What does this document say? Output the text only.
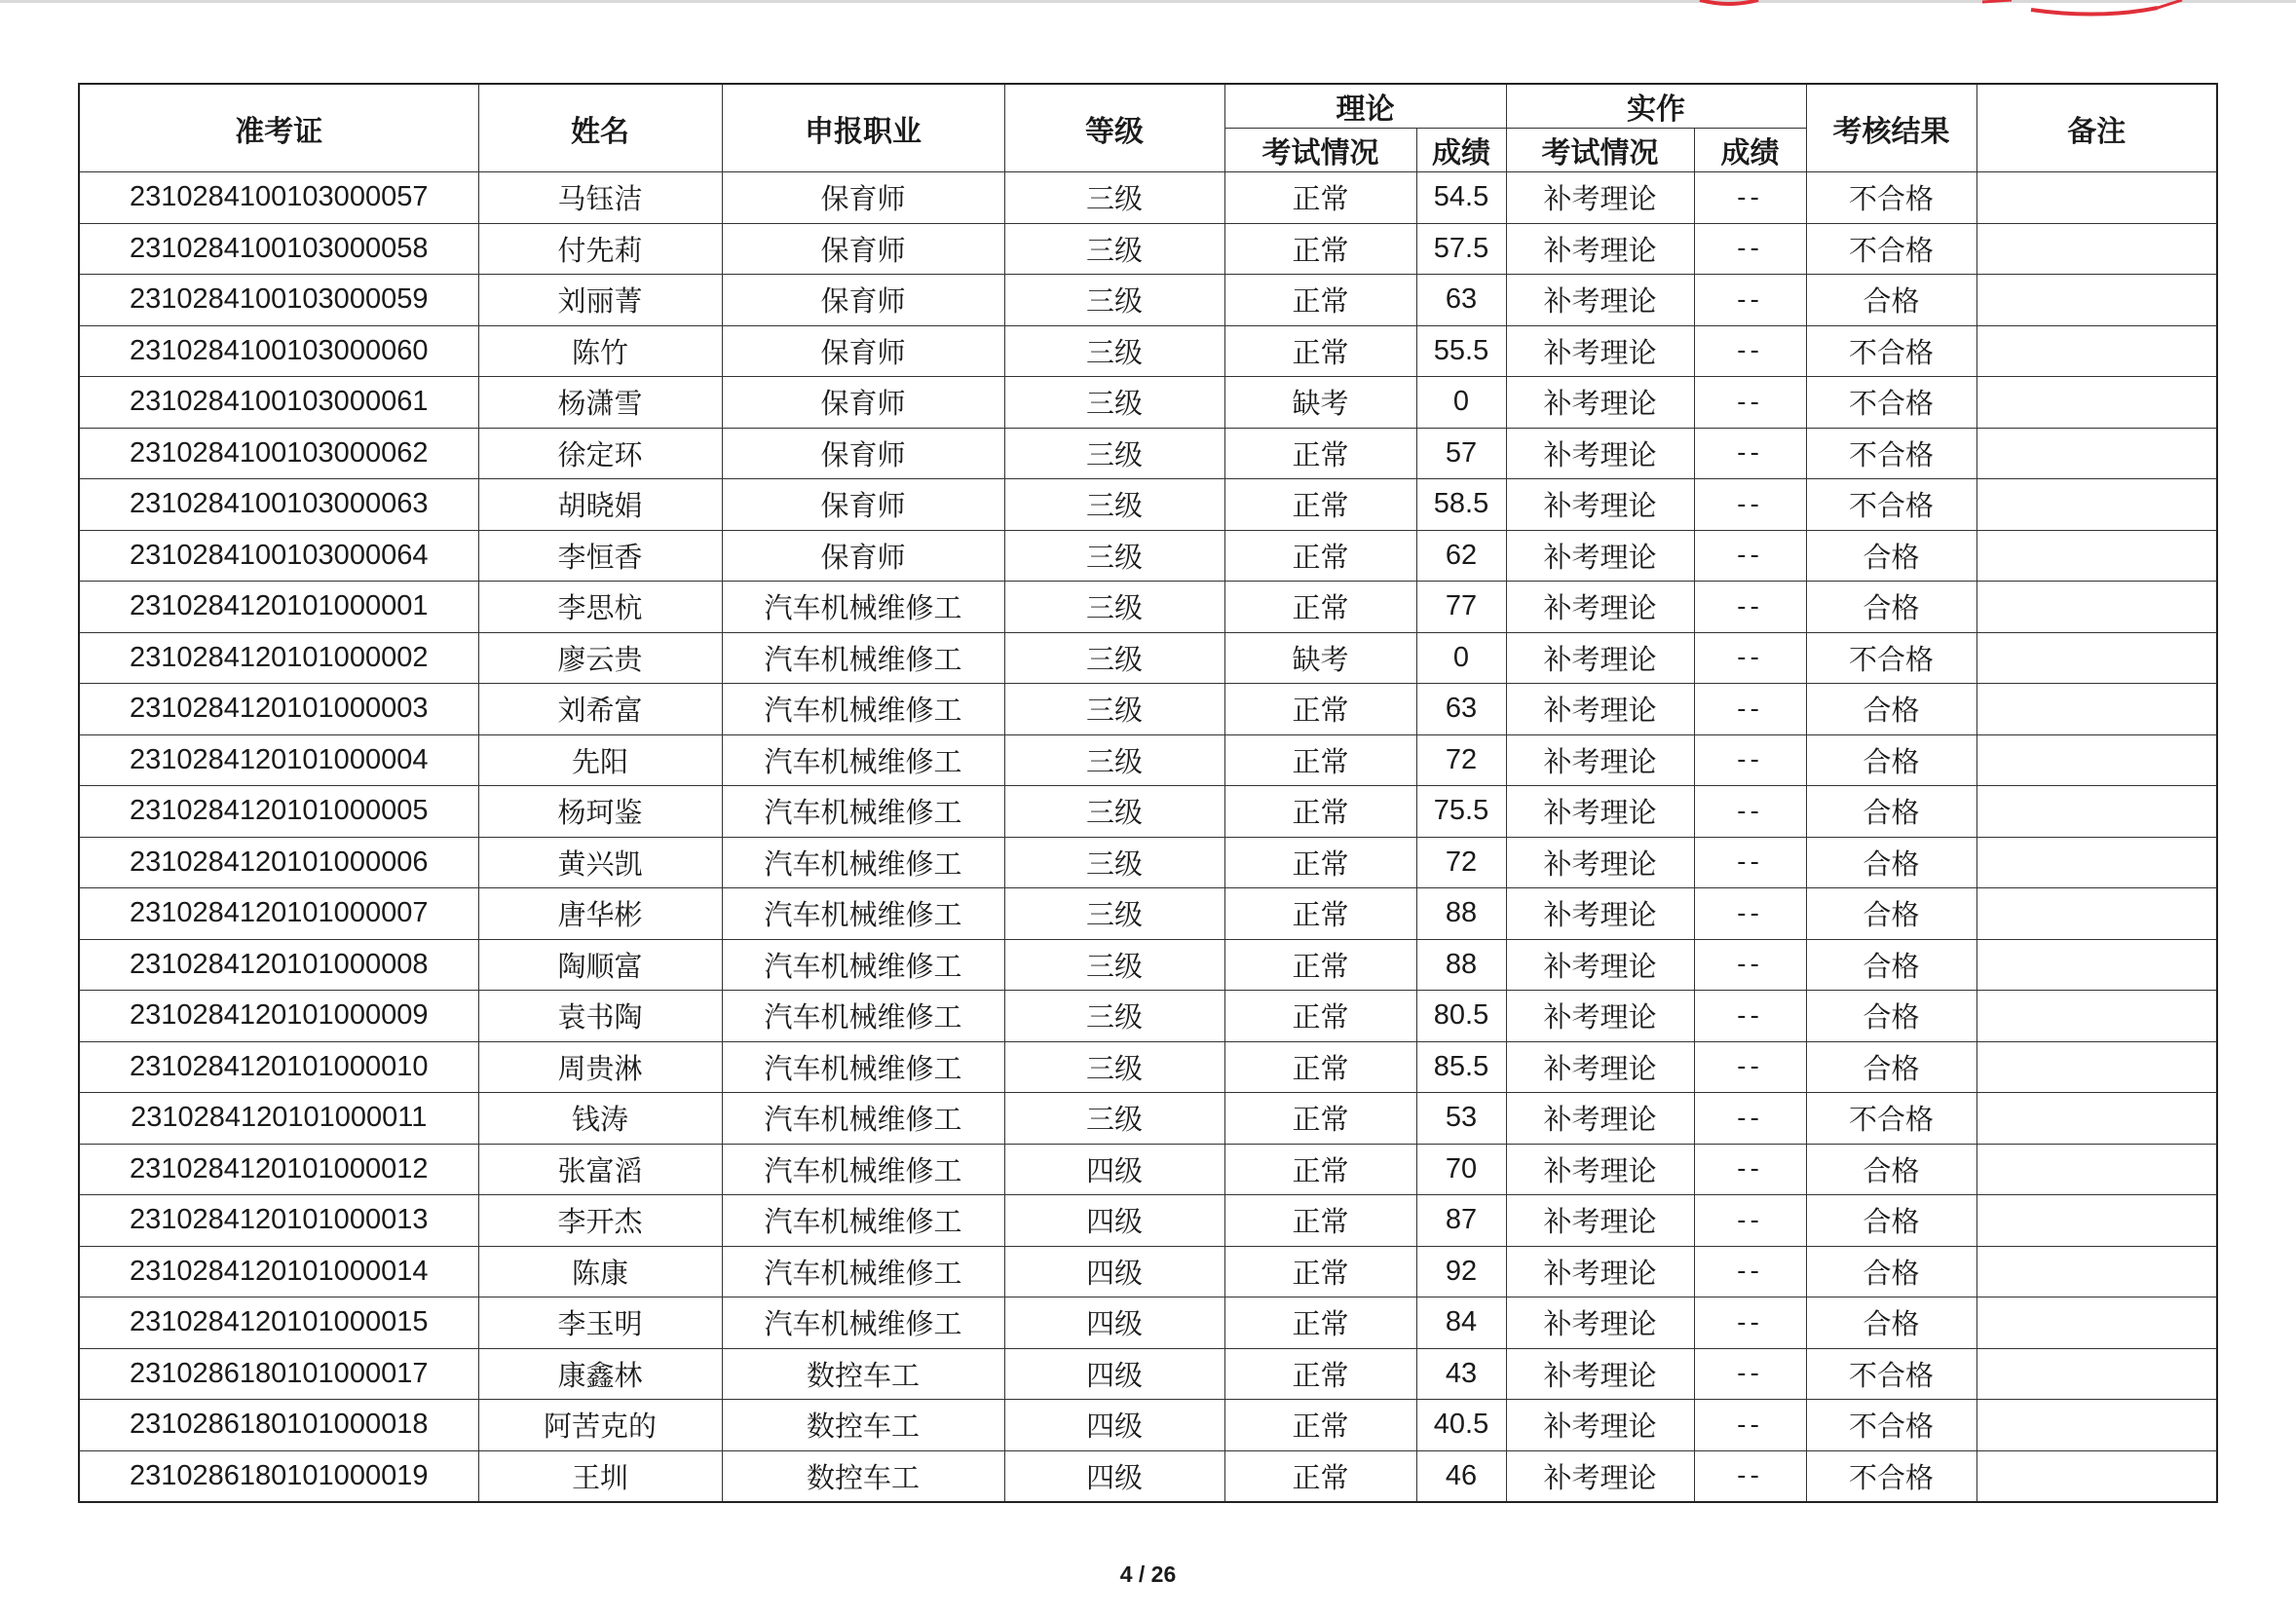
准考证	姓名	申报职业	等级	理论		实作		考核结果	备注
				考试情况	成绩	考试情况	成绩		
2310284100103000057	马钰洁	保育师	三级	正常	54.5	补考理论	--	不合格	
2310284100103000058	付先莉	保育师	三级	正常	57.5	补考理论	--	不合格	
2310284100103000059	刘丽菁	保育师	三级	正常	63	补考理论	--	合格	
2310284100103000060	陈竹	保育师	三级	正常	55.5	补考理论	--	不合格	
2310284100103000061	杨潇雪	保育师	三级	缺考	0	补考理论	--	不合格	
2310284100103000062	徐定环	保育师	三级	正常	57	补考理论	--	不合格	
2310284100103000063	胡晓娟	保育师	三级	正常	58.5	补考理论	--	不合格	
2310284100103000064	李恒香	保育师	三级	正常	62	补考理论	--	合格	
2310284120101000001	李思杭	汽车机械维修工	三级	正常	77	补考理论	--	合格	
2310284120101000002	廖云贵	汽车机械维修工	三级	缺考	0	补考理论	--	不合格	
2310284120101000003	刘希富	汽车机械维修工	三级	正常	63	补考理论	--	合格	
2310284120101000004	先阳	汽车机械维修工	三级	正常	72	补考理论	--	合格	
2310284120101000005	杨珂鉴	汽车机械维修工	三级	正常	75.5	补考理论	--	合格	
2310284120101000006	黄兴凯	汽车机械维修工	三级	正常	72	补考理论	--	合格	
2310284120101000007	唐华彬	汽车机械维修工	三级	正常	88	补考理论	--	合格	
2310284120101000008	陶顺富	汽车机械维修工	三级	正常	88	补考理论	--	合格	
2310284120101000009	袁书陶	汽车机械维修工	三级	正常	80.5	补考理论	--	合格	
2310284120101000010	周贵淋	汽车机械维修工	三级	正常	85.5	补考理论	--	合格	
2310284120101000011	钱涛	汽车机械维修工	三级	正常	53	补考理论	--	不合格	
2310284120101000012	张富滔	汽车机械维修工	四级	正常	70	补考理论	--	合格	
2310284120101000013	李开杰	汽车机械维修工	四级	正常	87	补考理论	--	合格	
2310284120101000014	陈康	汽车机械维修工	四级	正常	92	补考理论	--	合格	
2310284120101000015	李玉明	汽车机械维修工	四级	正常	84	补考理论	--	合格	
2310286180101000017	康鑫林	数控车工	四级	正常	43	补考理论	--	不合格	
2310286180101000018	阿苦克的	数控车工	四级	正常	40.5	补考理论	--	不合格	
2310286180101000019	王圳	数控车工	四级	正常	46	补考理论	--	不合格	
4 / 26
